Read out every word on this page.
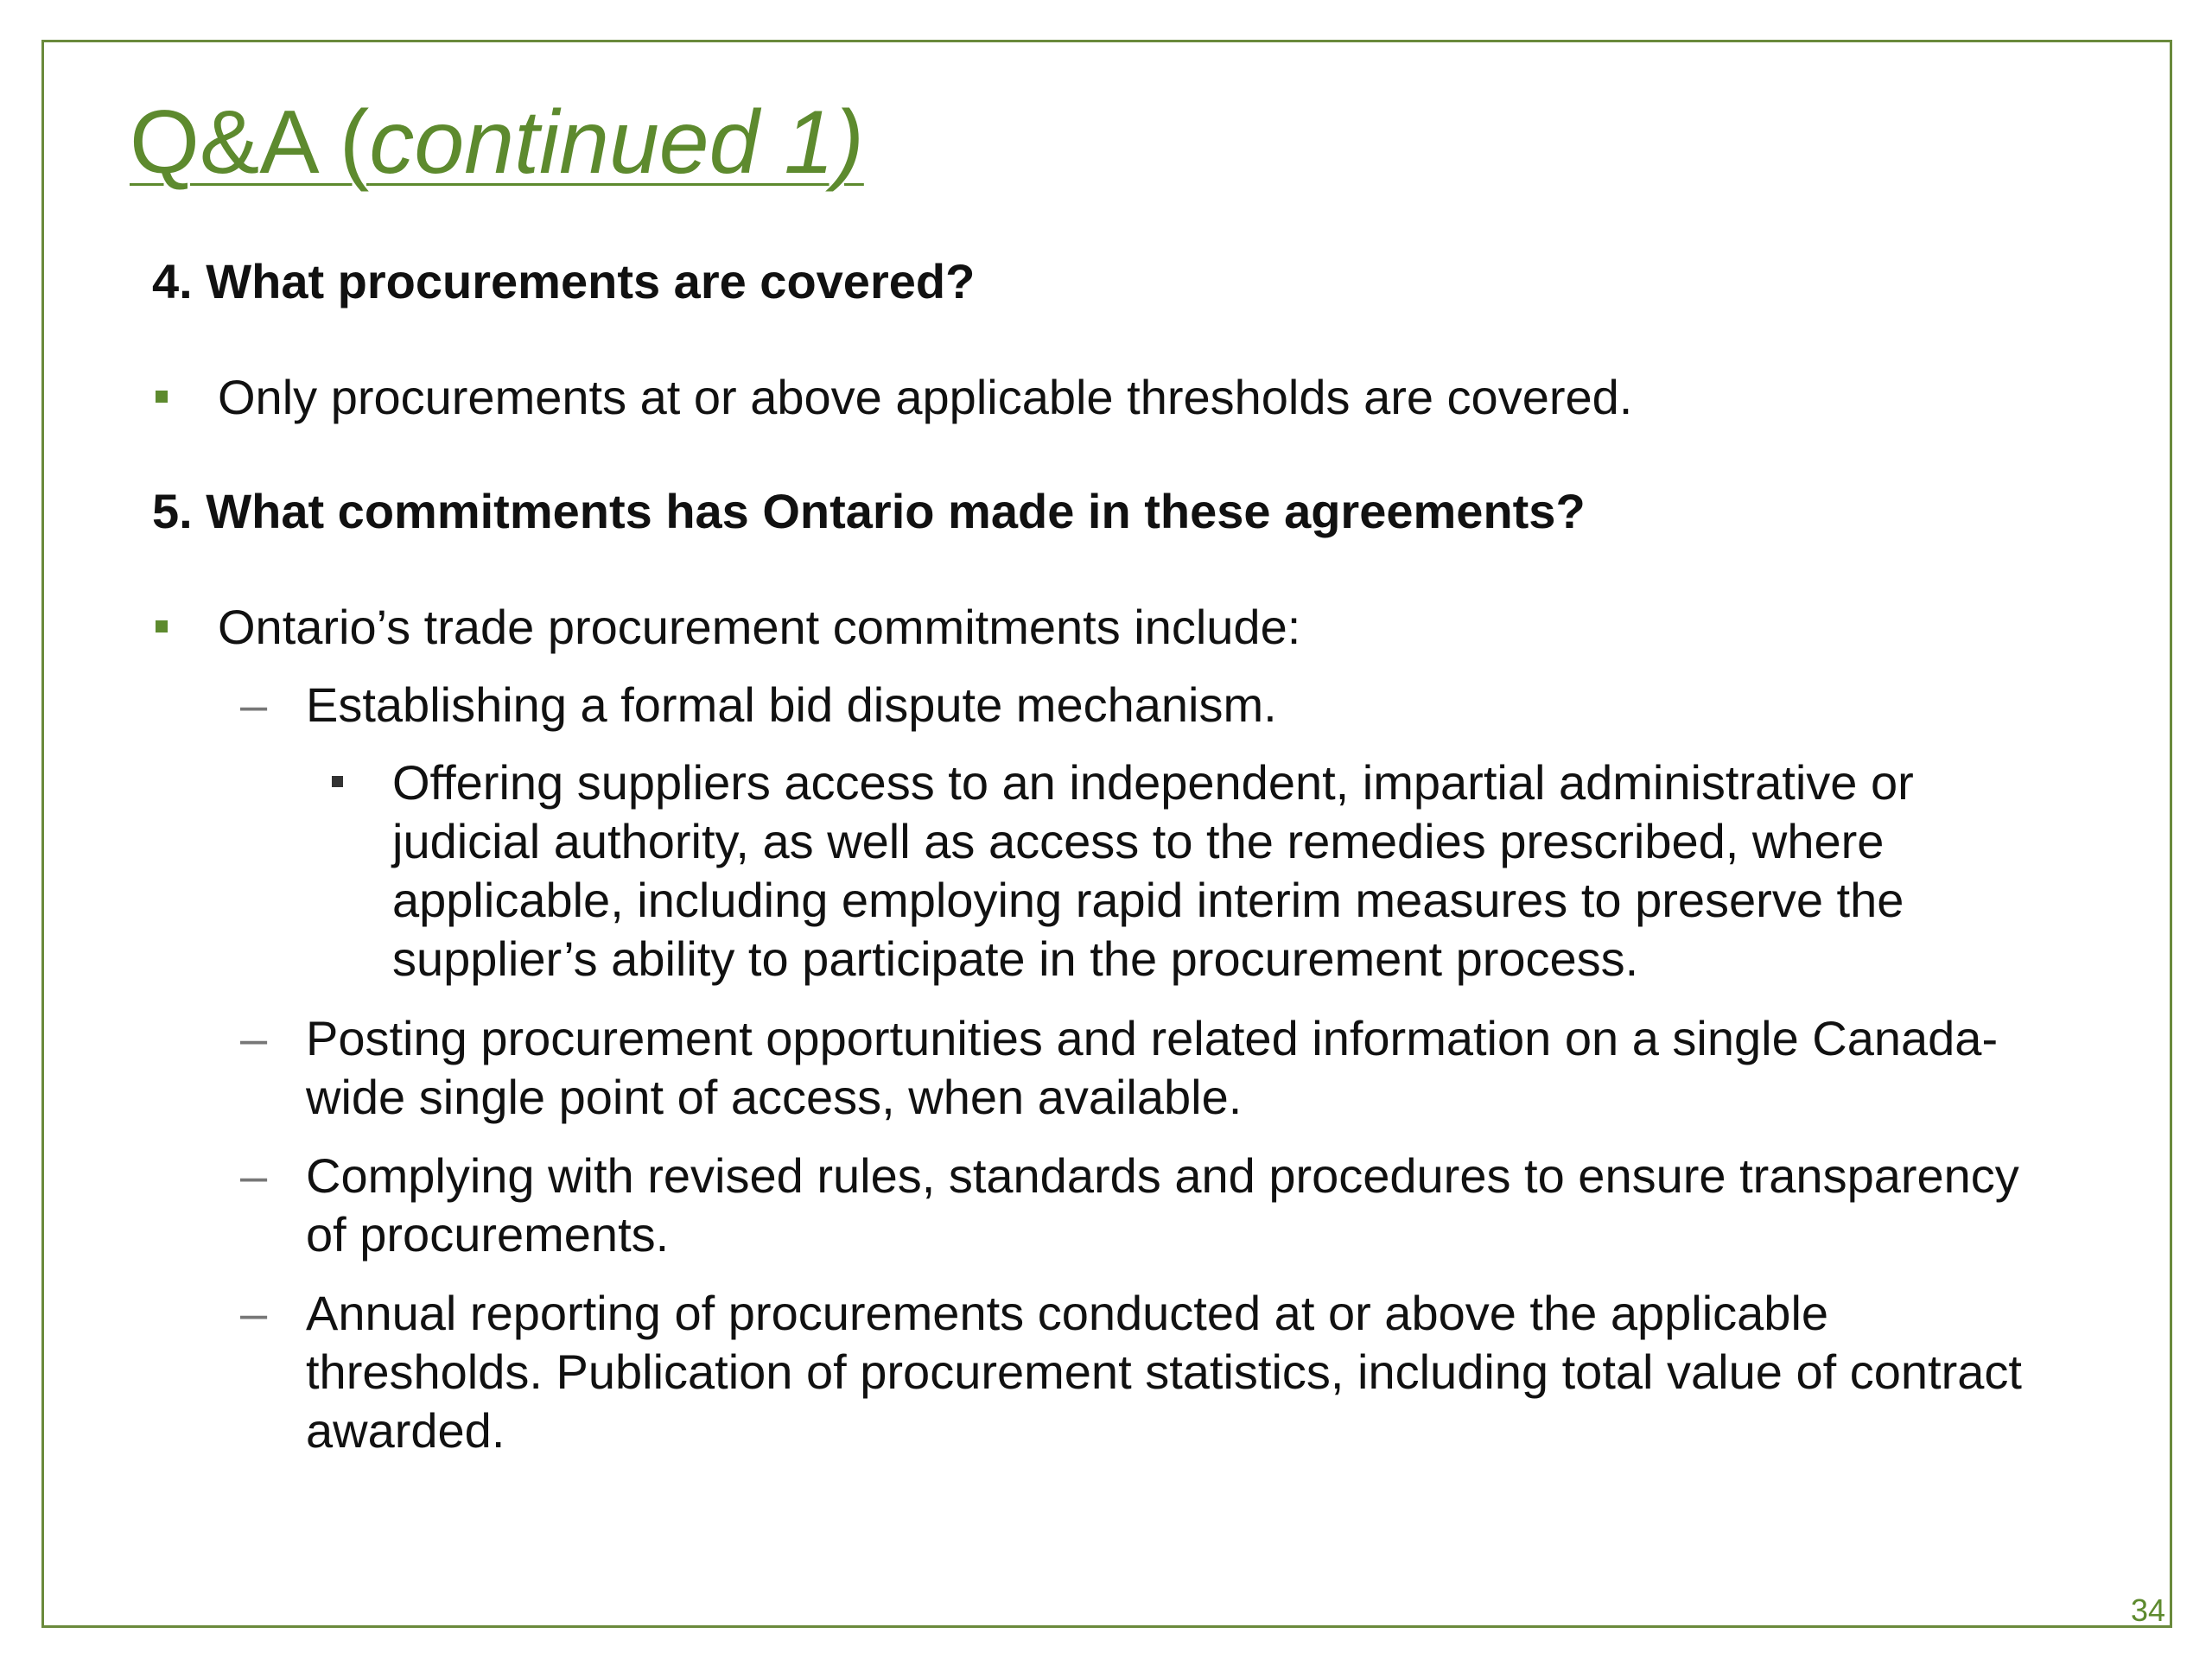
Q&A (continued 1)

4. What procurements are covered?

Only procurements at or above applicable thresholds are covered.

5. What commitments has Ontario made in these agreements?

Ontario’s trade procurement commitments include:
– Establishing a formal bid dispute mechanism.
Offering suppliers access to an independent, impartial administrative or judicial authority, as well as access to the remedies prescribed, where applicable, including employing rapid interim measures to preserve the supplier’s ability to participate in the procurement process.
– Posting procurement opportunities and related information on a single Canada-wide single point of access, when available.
– Complying with revised rules, standards and procedures to ensure transparency of procurements.
– Annual reporting of procurements conducted at or above the applicable thresholds. Publication of procurement statistics, including total value of contract awarded.
34
